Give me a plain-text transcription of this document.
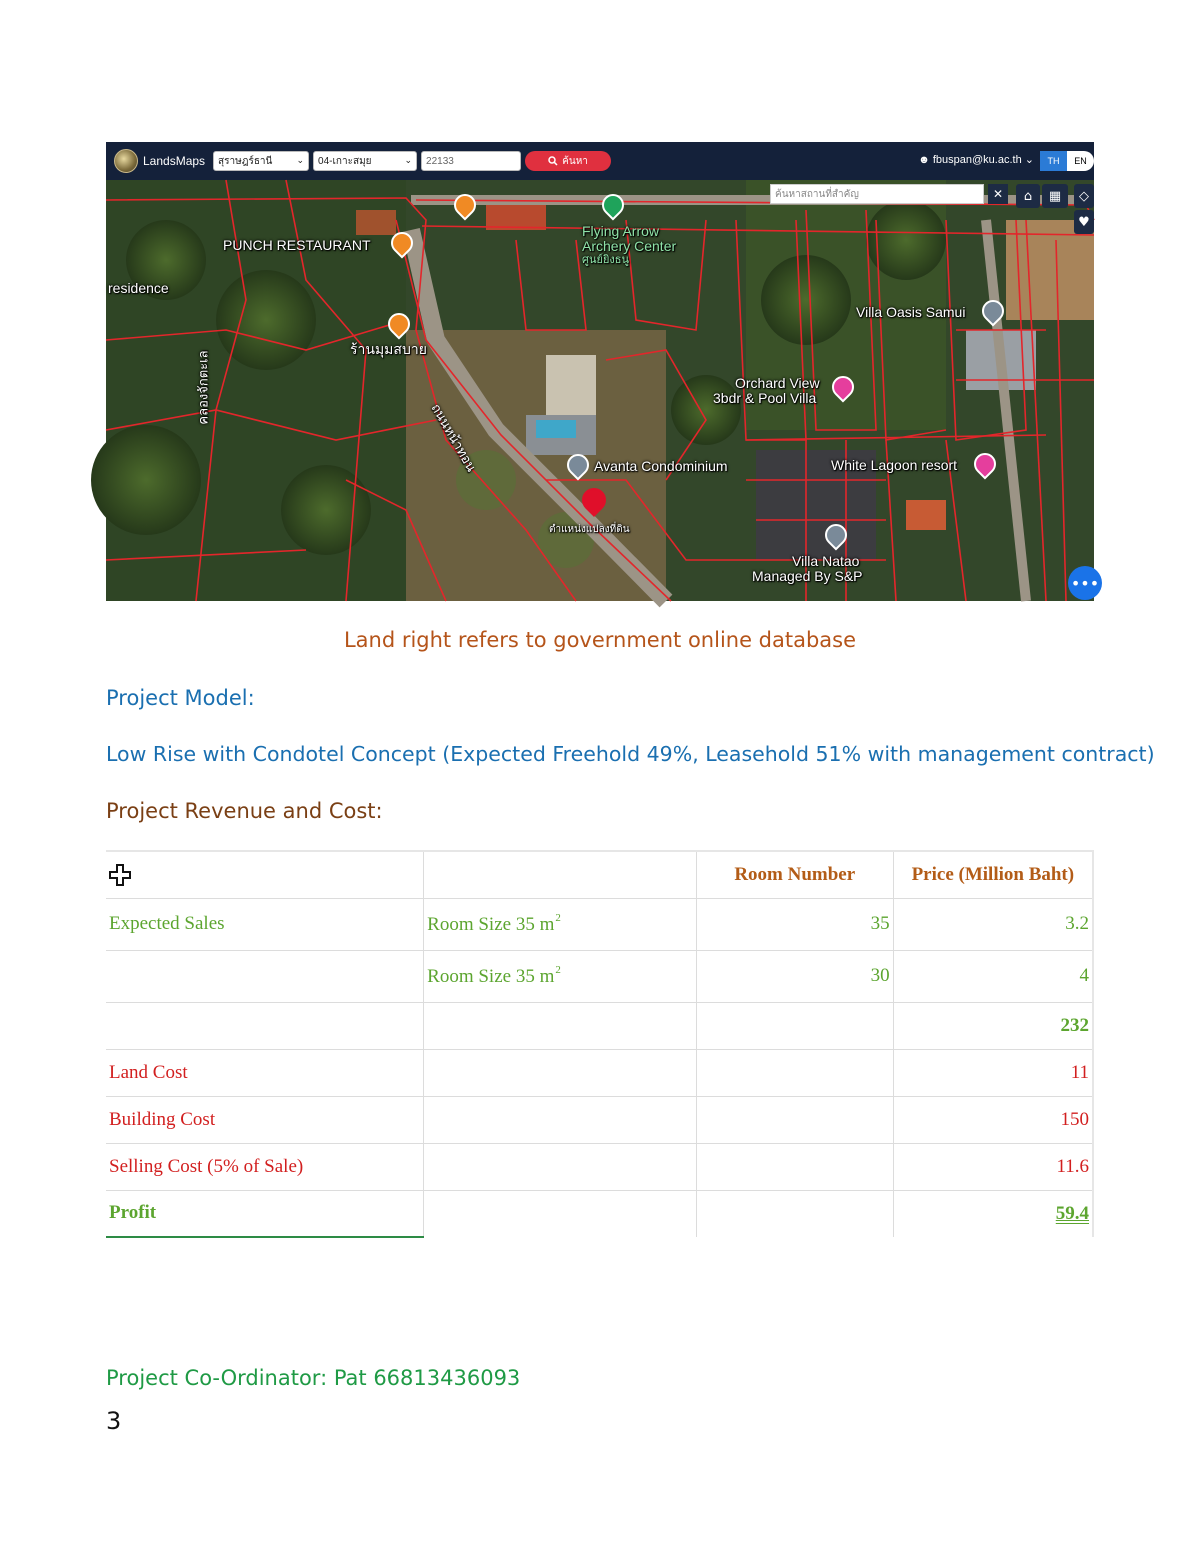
LandsMaps สุราษฎร์ธานี	⌄ 04-เกาะสมุย	⌄ 22133	ค้นหา	☻ fbuspan@ku.ac.th ⌄	TH	EN
PUNCH RESTAURANT
residence
Flying Arrow
Archery Center
ศูนย์ยิงธนู
Villa Oasis Samui
ร้านมุมสบาย
Orchard View
3bdr & Pool Villa
Avanta Condominium	White Lagoon resort
ตำแหน่งแปลงที่ดิน
Villa Natao
Managed By S&P
ถนนหน้าทอน
คลองจักตะเล
ค้นหาสถานที่สำคัญ	✕	⌂	▦	◇
♥
•••
Land right refers to government online database
Project Model:
Low Rise with Condotel Concept (Expected Freehold 49%, Leasehold 51% with management contract)
Project Revenue and Cost:
		Room Number	Price (Million Baht)
Expected Sales	Room Size 35 $m^2$	35	3.2
	Room Size 35 $m^2$	30	4
			232
Land Cost			11
Building Cost			150
Selling Cost (5% of Sale)			11.6
Profit			59.4
Project Co-Ordinator: Pat 66813436093
3
